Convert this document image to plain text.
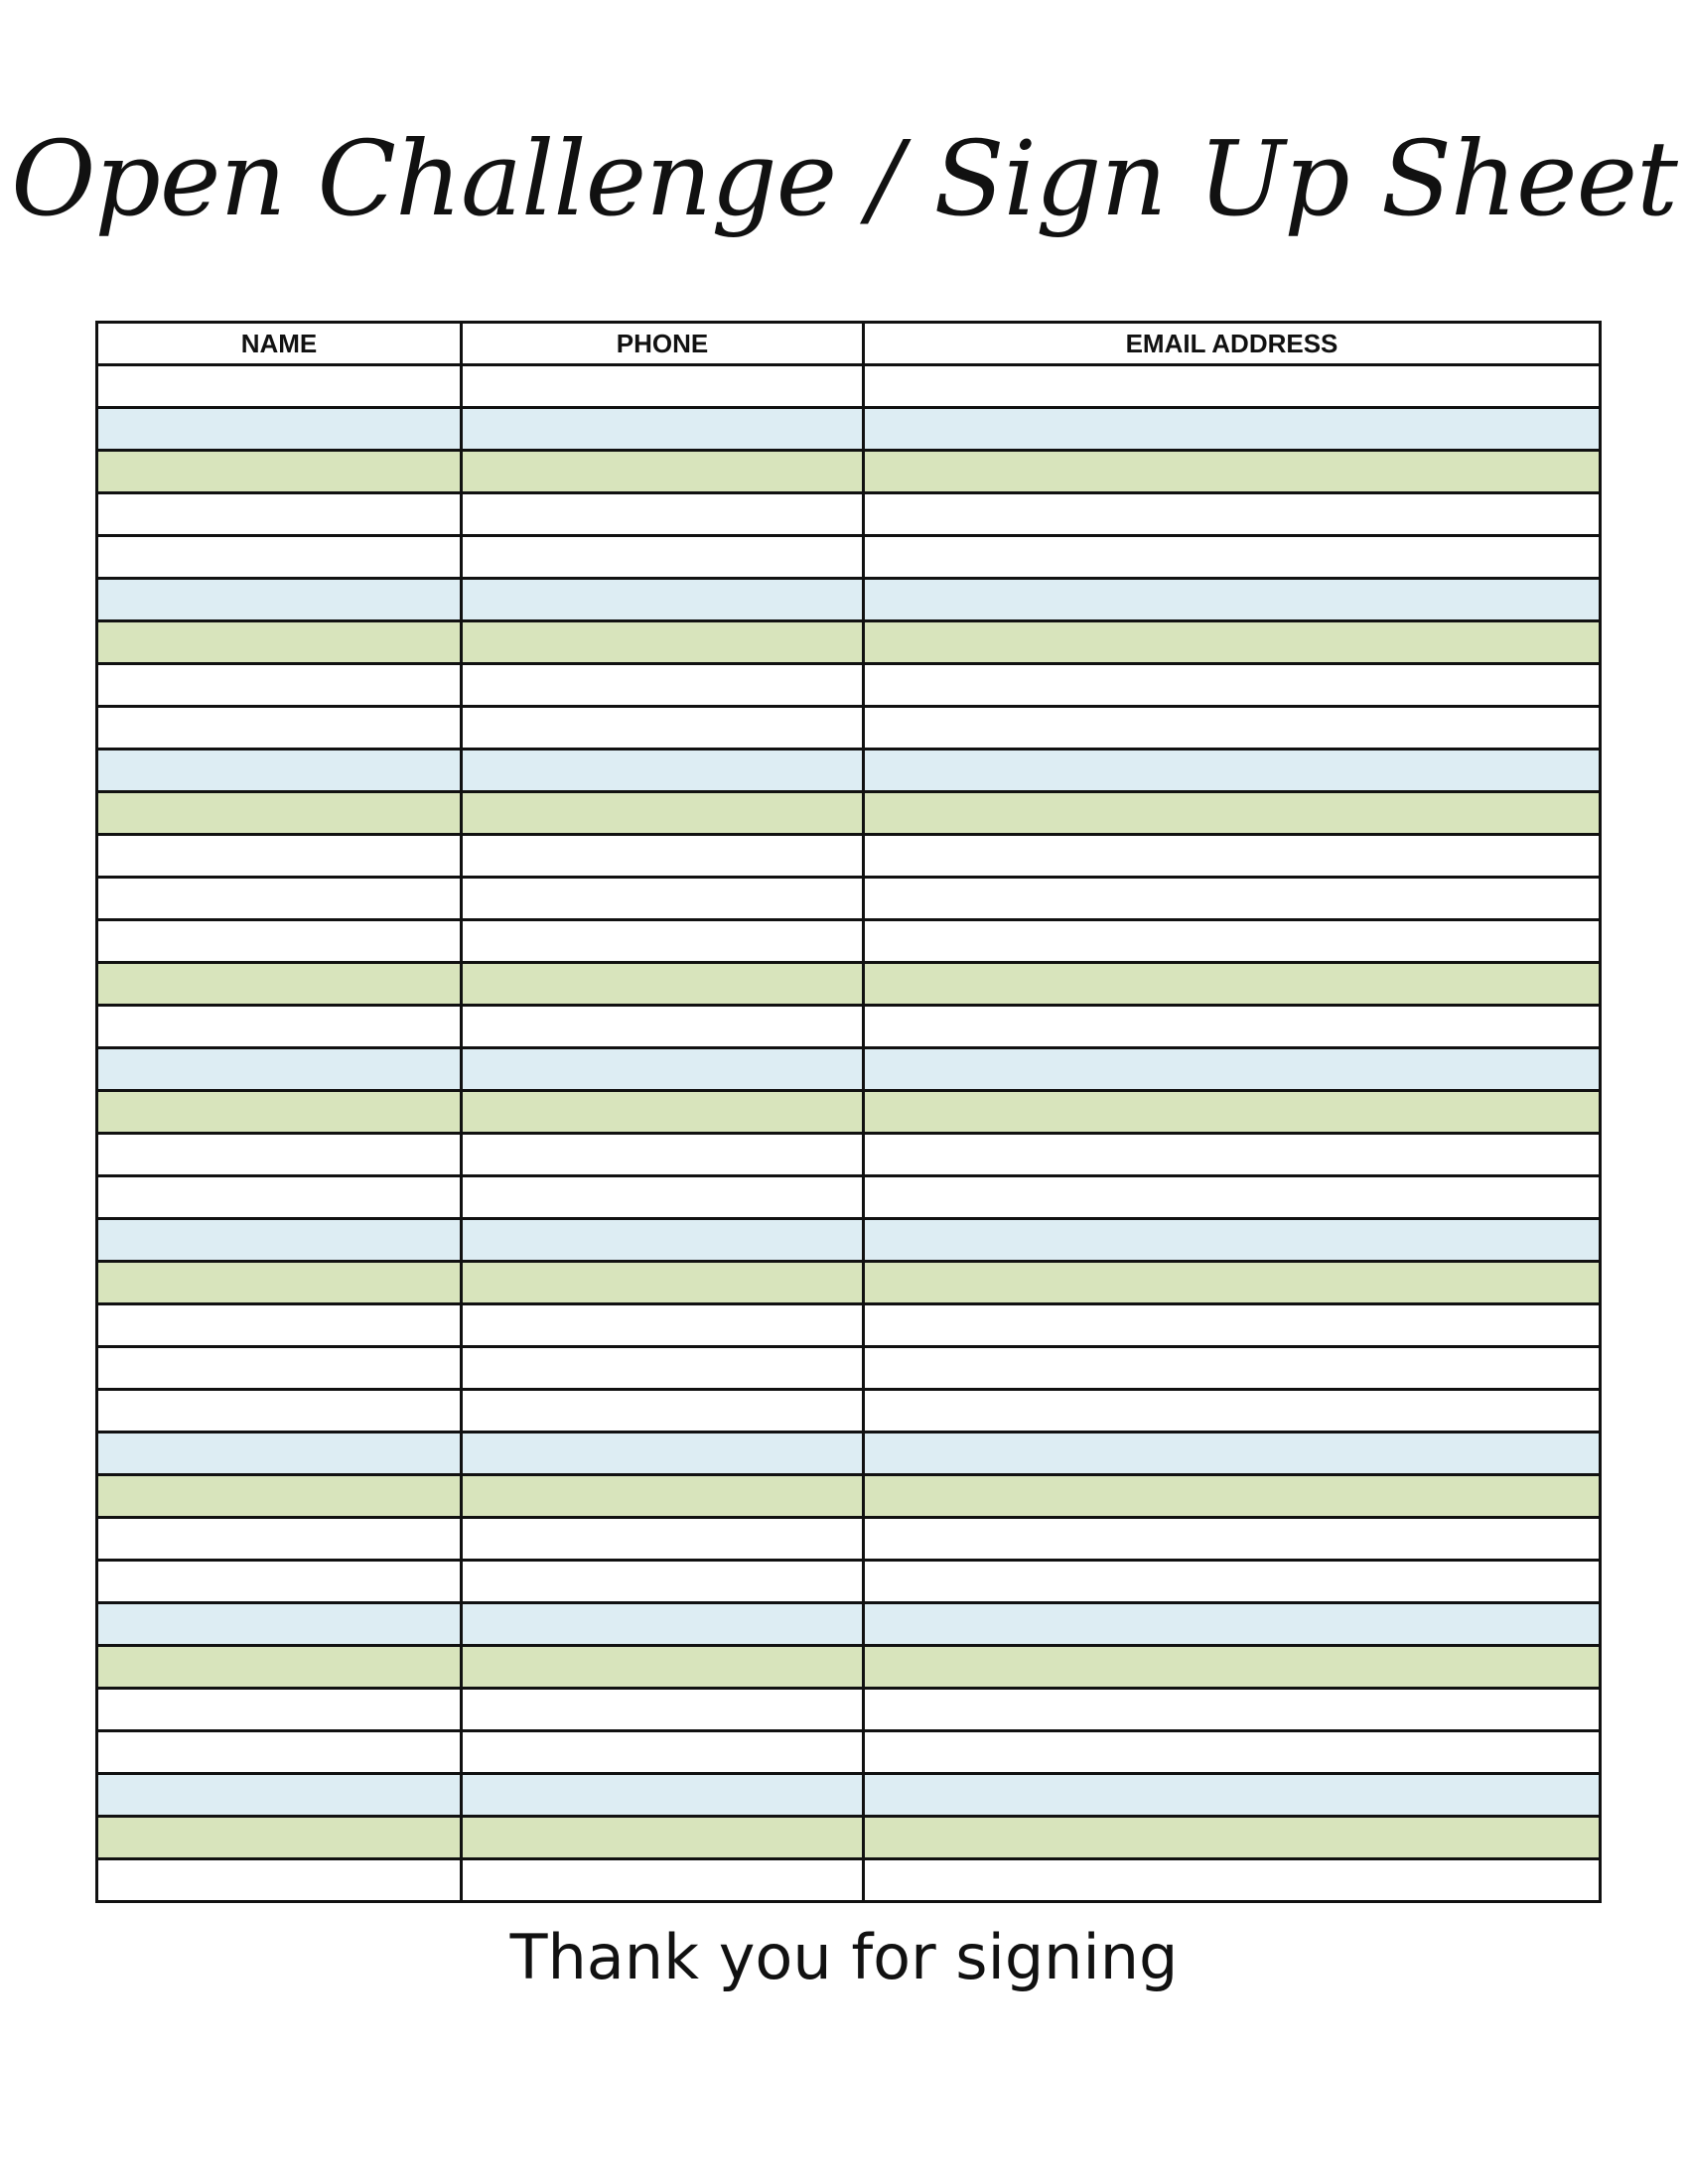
Open Challenge / Sign Up Sheet
NAME	PHONE	EMAIL ADDRESS

Thank you for signing
